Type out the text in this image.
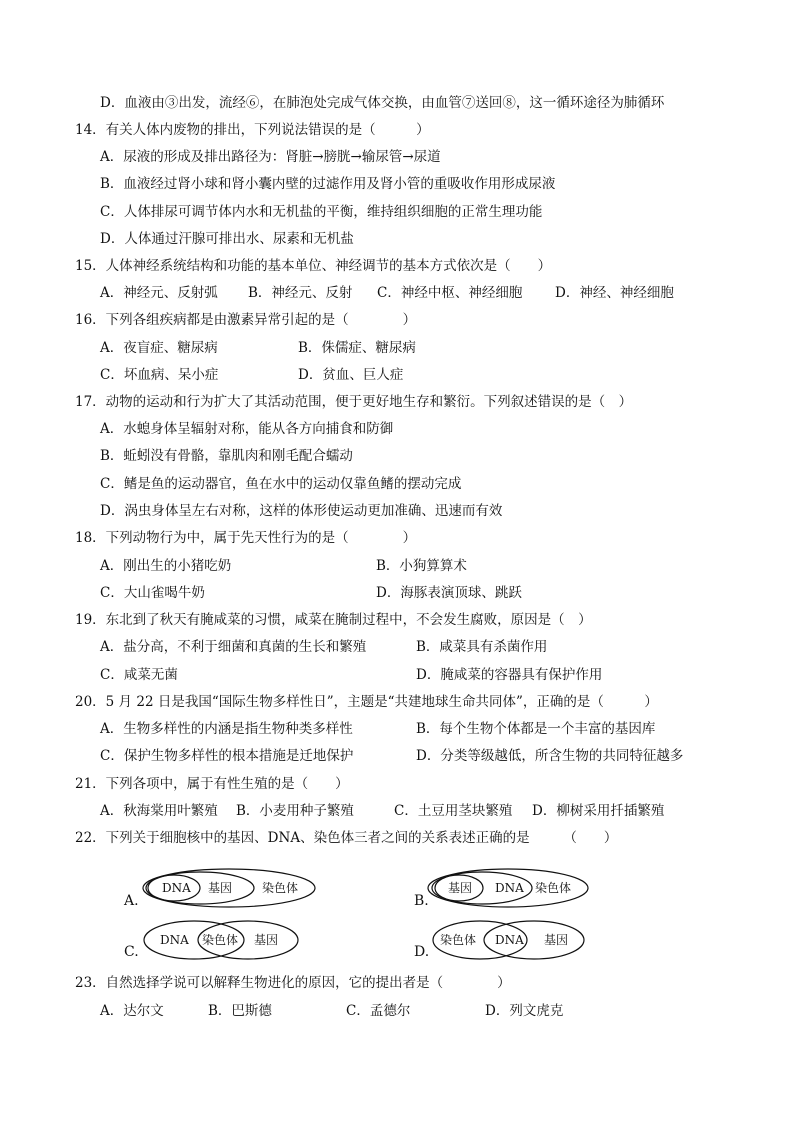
D．血液由③出发，流经⑥，在肺泡处完成气体交换，由血管⑦送回⑧，这一循环途径为肺循环
14．有关人体内废物的排出，下列说法错误的是（　　　）
A．尿液的形成及排出路径为：肾脏→膀胱→输尿管→尿道
B．血液经过肾小球和肾小囊内壁的过滤作用及肾小管的重吸收作用形成尿液
C．人体排尿可调节体内水和无机盐的平衡，维持组织细胞的正常生理功能
D．人体通过汗腺可排出水、尿素和无机盐
15．人体神经系统结构和功能的基本单位、神经调节的基本方式依次是（　　）
A．神经元、反射弧 B．神经元、反射 C．神经中枢、神经细胞 D．神经、神经细胞
16．下列各组疾病都是由激素异常引起的是（　　　　）
A．夜盲症、糖尿病	B．侏儒症、糖尿病
C．坏血病、呆小症	D．贫血、巨人症
17．动物的运动和行为扩大了其活动范围，便于更好地生存和繁衍。下列叙述错误的是（　）
A．水螅身体呈辐射对称，能从各方向捕食和防御
B．蚯蚓没有骨骼，靠肌肉和刚毛配合蠕动
C．鳍是鱼的运动器官，鱼在水中的运动仅靠鱼鳍的摆动完成
D．涡虫身体呈左右对称，这样的体形使运动更加准确、迅速而有效
18．下列动物行为中，属于先天性行为的是（　　　　）
A．刚出生的小猪吃奶	B．小狗算算术
C．大山雀喝牛奶	D．海豚表演顶球、跳跃
19．东北到了秋天有腌咸菜的习惯，咸菜在腌制过程中，不会发生腐败，原因是（　）
A．盐分高，不利于细菌和真菌的生长和繁殖	B．咸菜具有杀菌作用
C．咸菜无菌	D．腌咸菜的容器具有保护作用
20．5 月 22 日是我国“国际生物多样性日”，主题是“共建地球生命共同体”，正确的是（　　　）
A．生物多样性的内涵是指生物种类多样性	B．每个生物个体都是一个丰富的基因库
C．保护生物多样性的根本措施是迁地保护	D．分类等级越低，所含生物的共同特征越多
21．下列各项中，属于有性生殖的是（　　）
A．秋海棠用叶繁殖 B．小麦用种子繁殖	C．土豆用茎块繁殖 D．柳树采用扦插繁殖
22．下列关于细胞核中的基因、DNA、染色体三者之间的关系表述正确的是　　　（　　）
A.
DNA 基因 染色体
B.
基因 DNA 染色体
C.
DNA 染色体 基因
D.
染色体 DNA 基因
23．自然选择学说可以解释生物进化的原因，它的提出者是（　　　　）
A．达尔文	B．巴斯德	C．孟德尔	D．列文虎克
